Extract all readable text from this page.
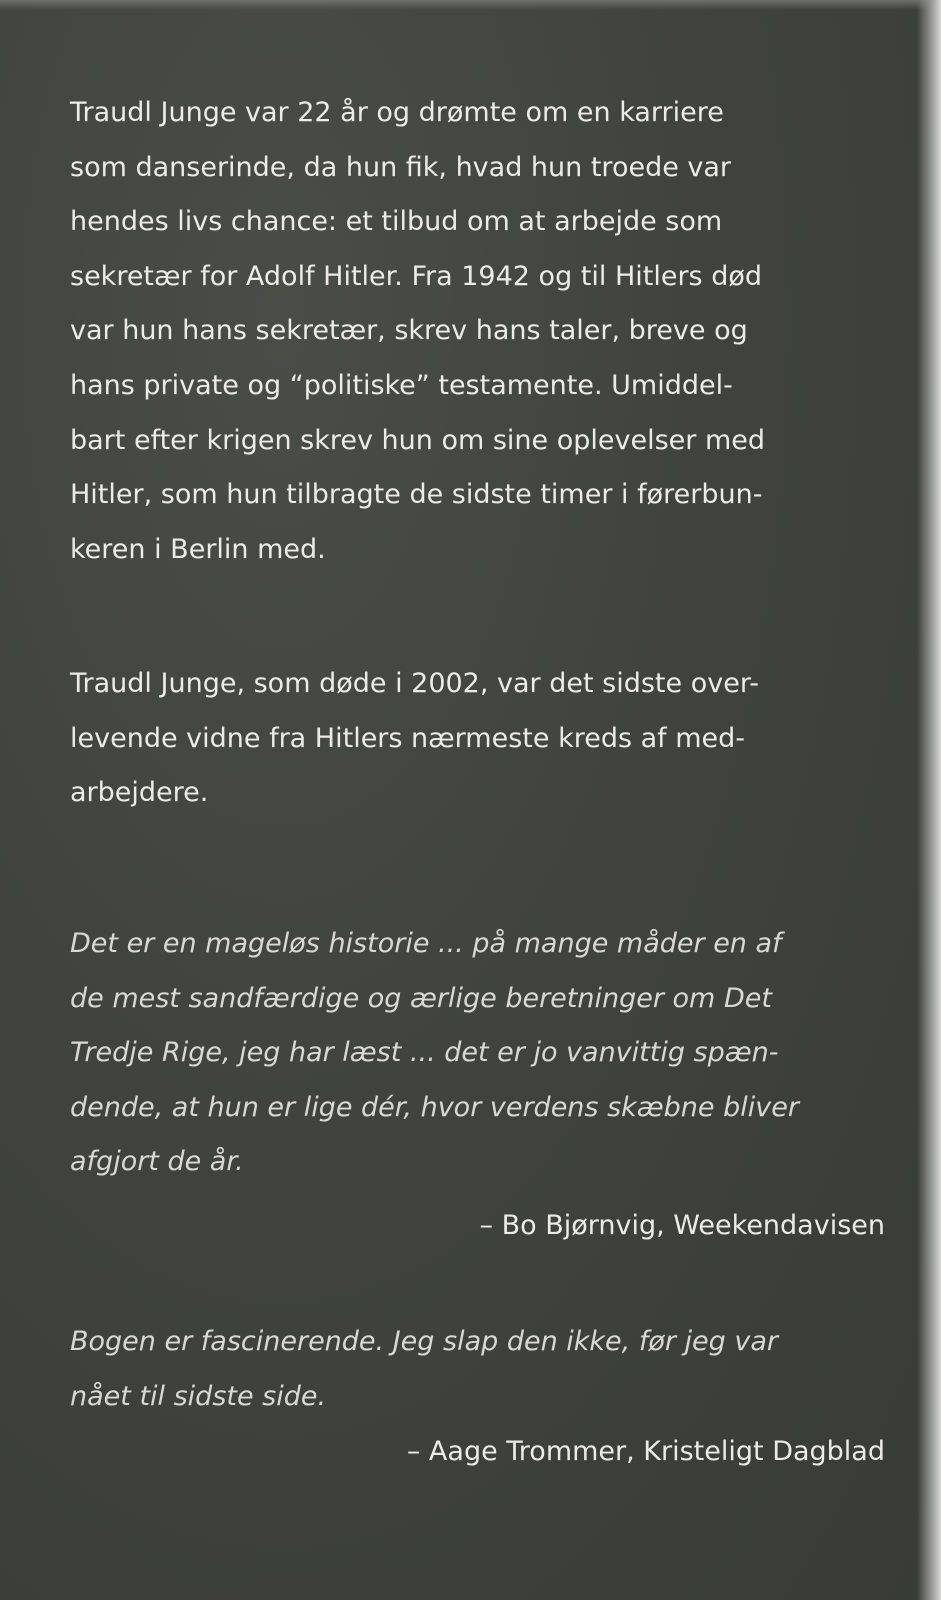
Traudl Junge var 22 år og drømte om en karriere
som danserinde, da hun fik, hvad hun troede var
hendes livs chance: et tilbud om at arbejde som
sekretær for Adolf Hitler. Fra 1942 og til Hitlers død
var hun hans sekretær, skrev hans taler, breve og
hans private og “politiske” testamente. Umiddel-
bart efter krigen skrev hun om sine oplevelser med
Hitler, som hun tilbragte de sidste timer i førerbun-
keren i Berlin med.

Traudl Junge, som døde i 2002, var det sidste over-
levende vidne fra Hitlers nærmeste kreds af med-
arbejdere.

Det er en mageløs historie ... på mange måder en af
de mest sandfærdige og ærlige beretninger om Det
Tredje Rige, jeg har læst ... det er jo vanvittig spæn-
dende, at hun er lige dér, hvor verdens skæbne bliver
afgjort de år.

– Bo Bjørnvig, Weekendavisen

Bogen er fascinerende. Jeg slap den ikke, før jeg var
nået til sidste side.

– Aage Trommer, Kristeligt Dagblad
